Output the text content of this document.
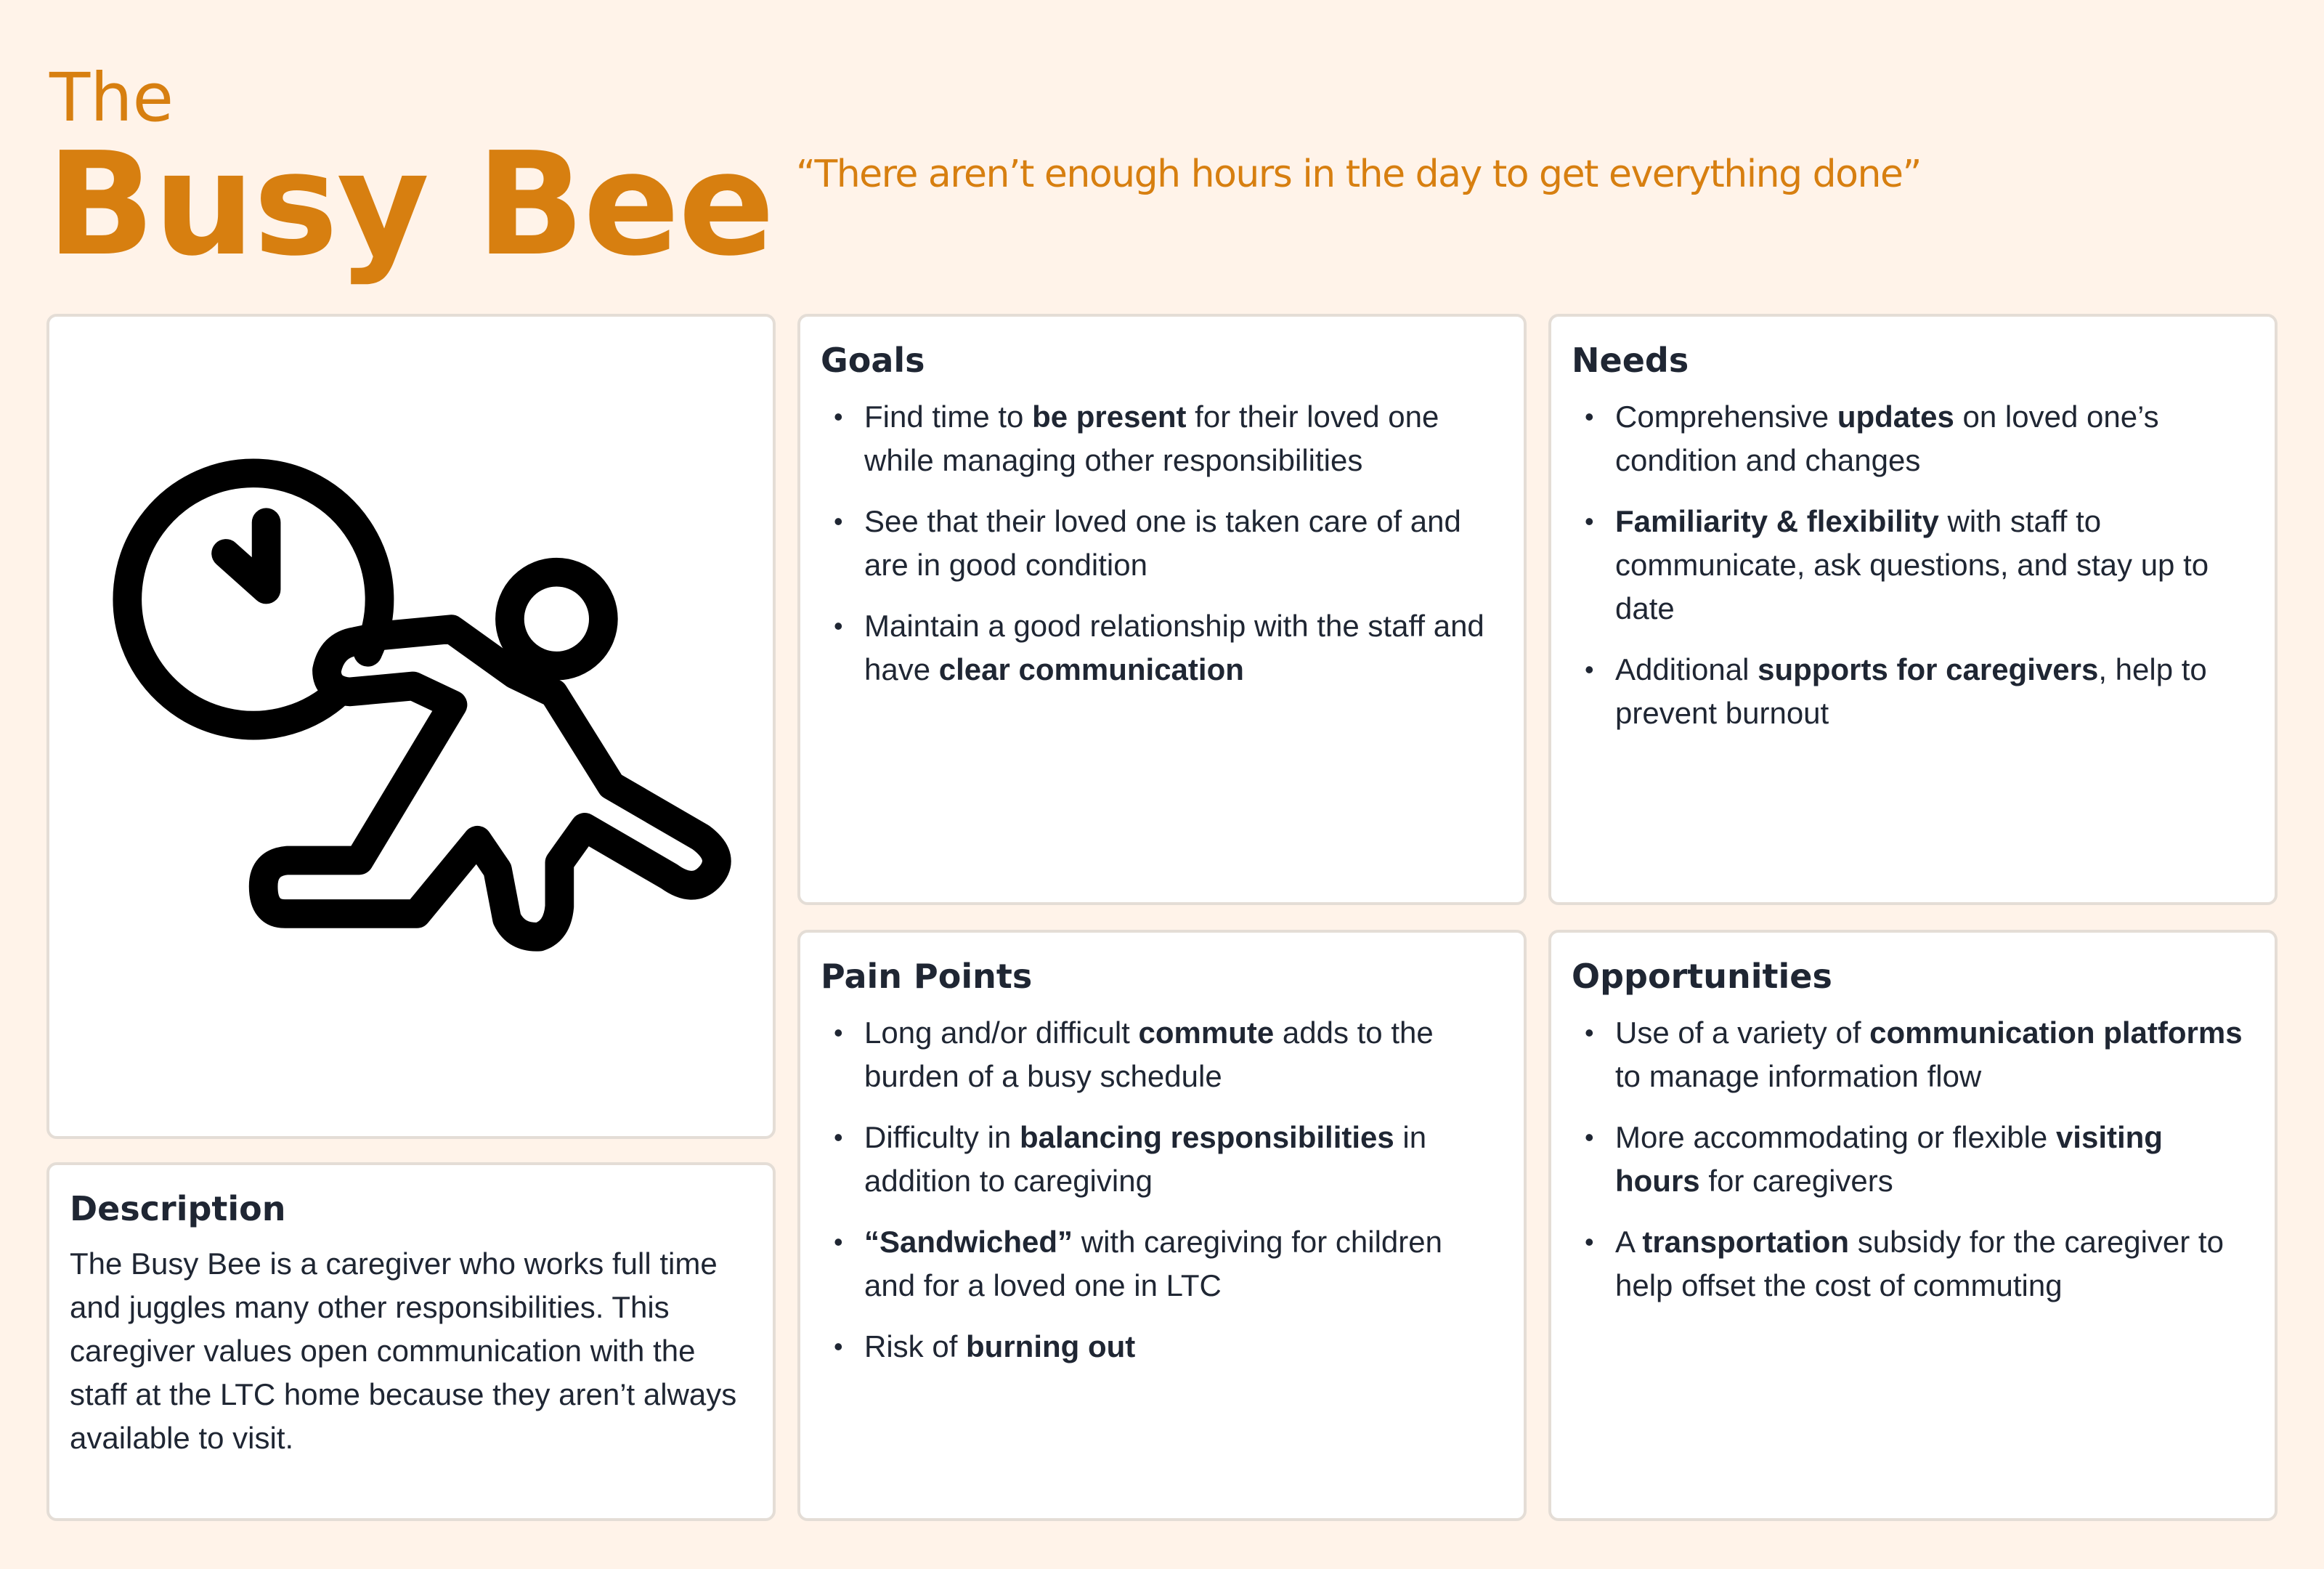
The
Busy Bee “There aren’t enough hours in the day to get everything done”
Description

The Busy Bee is a caregiver who works full time and juggles many other responsibilities. This caregiver values open communication with the staff at the LTC home because they aren’t always available to visit.

Goals
• Find time to be present for their loved one while managing other responsibilities
• See that their loved one is taken care of and are in good condition
• Maintain a good relationship with the staff and have clear communication
Needs
• Comprehensive updates on loved one’s condition and changes
• Familiarity & flexibility with staff to communicate, ask questions, and stay up to date
• Additional supports for caregivers, help to prevent burnout
Pain Points
• Long and/or difficult commute adds to the burden of a busy schedule
• Difficulty in balancing responsibilities in addition to caregiving
• “Sandwiched” with caregiving for children and for a loved one in LTC
• Risk of burning out
Opportunities
• Use of a variety of communication platforms to manage information flow
• More accommodating or flexible visiting hours for caregivers
• A transportation subsidy for the caregiver to help offset the cost of commuting
